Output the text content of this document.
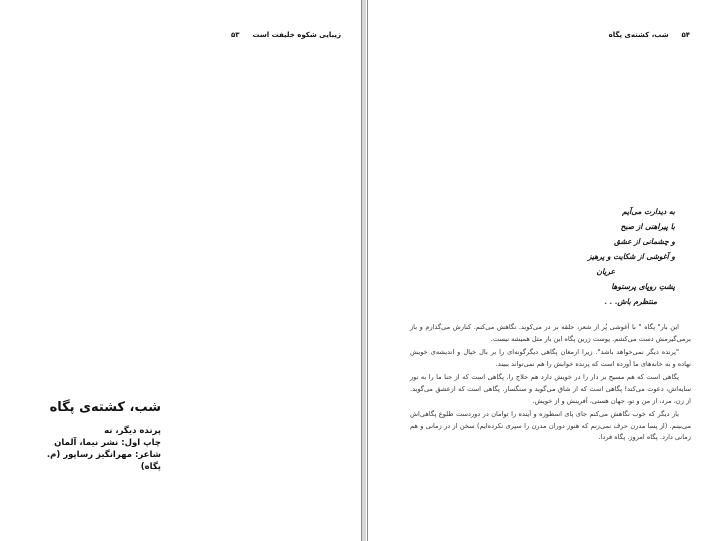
زیبایی شکوه خلیفت است  ۵۳
شب، کشته‌ی پگاه
پرنده دیگر، نه
چاپ اول: نشر نیما، آلمان
شاعر: مهرانگیز رساپور (م. پگاه)
۵۴  شب، کشته‌ی پگاه
به دیدارت می‌آیم
با پیراهنی از صبح
و چشمانی از عشق
و آغوشی از شکایت و پرهیز
عریان
پشتِ روپای پرستوها
منتظرم باش. . .

این بار" پگاه " با آغوشی پُر از شعر، حلقه بر در می‌کوبد. نگاهش می‌کنم. کنارش می‌گذارم و باز برمی‌گیرمش دست می‌کشم. پوست زرین پگاه این بار مثل همیشه نیست.

"پرنده دیگر نمی‌خواهد باشد". زیرا ارمغان پگاهی دیگرگونه‌ای را بر بال خیال و اندیشه‌ی خویش نهاده و به خانه‌های ما آورده است که پرنده خوابش را هم نمی‌تواند ببیند.

پگاهی است که هم مسیح بر دار را در خویش دارد هم حلاج را. پگاهی است که از حنا ما را به نور سایه‌اش، دعوت می‌کند! پگاهی است که از شاق می‌گوید و سنگسار. پگاهی است که ازعشق می‌گوید. از زن، مرد، از من و تو، جهان هستی، آفرینش و از خویش.

بار دیگر که خوب نگاهش می‌کنم جای پای اسطوره و آینده را توامان در دوردست طلوع پگاهی‌اش می‌بینم. (از پسا مدرن حرف نمی‌زنم که هنوز دوران مدرن را سپری نکرده‌ایم) سخن از در زمانی و هم زمانی دارد. پگاه امروز. پگاه فردا.
